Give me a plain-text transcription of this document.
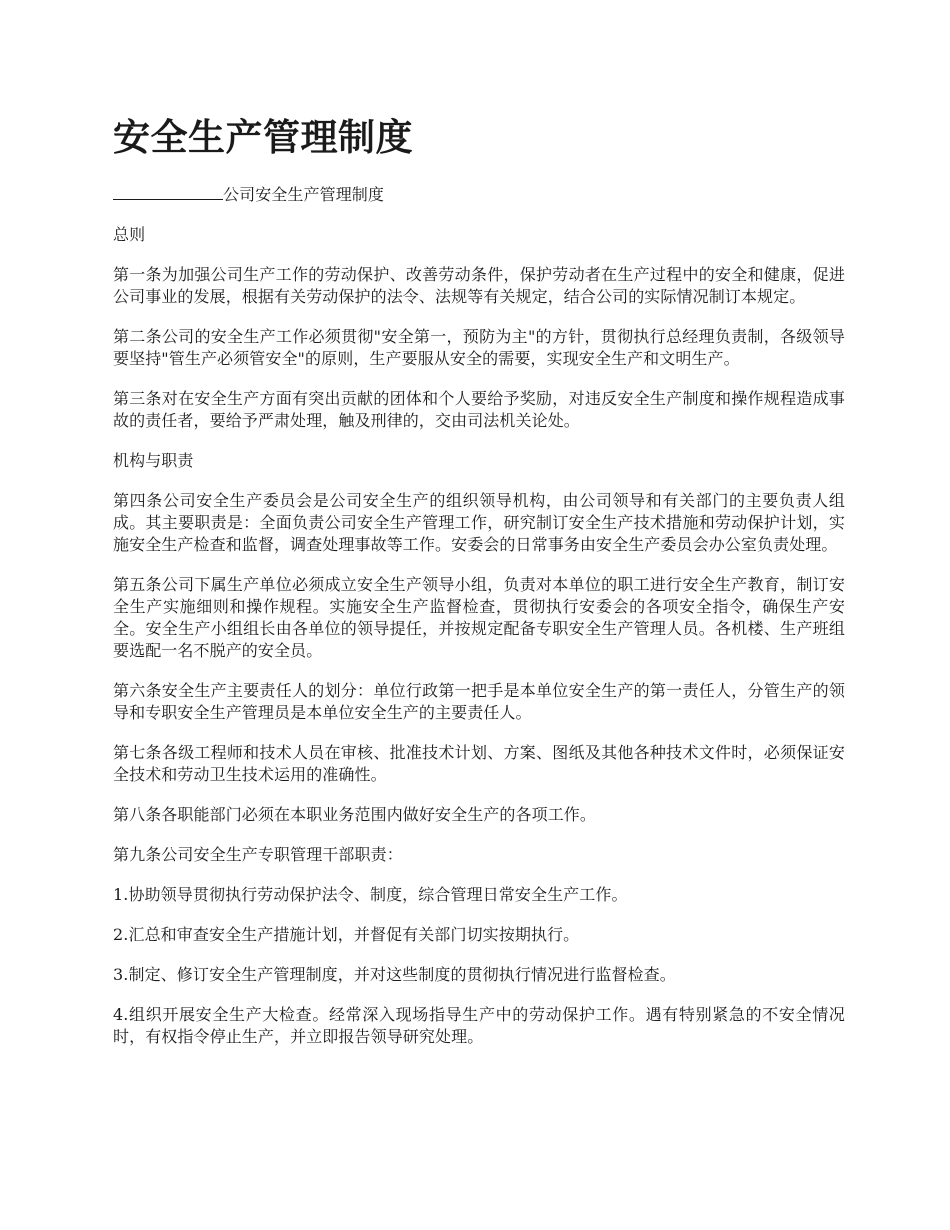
安全生产管理制度

公司安全生产管理制度

总则

第一条为加强公司生产工作的劳动保护、改善劳动条件，保护劳动者在生产过程中的安全和健康，促进公司事业的发展，根据有关劳动保护的法令、法规等有关规定，结合公司的实际情况制订本规定。

第二条公司的安全生产工作必须贯彻"安全第一，预防为主"的方针，贯彻执行总经理负责制，各级领导要坚持"管生产必须管安全"的原则，生产要服从安全的需要，实现安全生产和文明生产。

第三条对在安全生产方面有突出贡献的团体和个人要给予奖励，对违反安全生产制度和操作规程造成事故的责任者，要给予严肃处理，触及刑律的，交由司法机关论处。

机构与职责

第四条公司安全生产委员会是公司安全生产的组织领导机构，由公司领导和有关部门的主要负责人组成。其主要职责是：全面负责公司安全生产管理工作，研究制订安全生产技术措施和劳动保护计划，实施安全生产检查和监督，调查处理事故等工作。安委会的日常事务由安全生产委员会办公室负责处理。

第五条公司下属生产单位必须成立安全生产领导小组，负责对本单位的职工进行安全生产教育，制订安全生产实施细则和操作规程。实施安全生产监督检查，贯彻执行安委会的各项安全指令，确保生产安全。安全生产小组组长由各单位的领导提任，并按规定配备专职安全生产管理人员。各机楼、生产班组要选配一名不脱产的安全员。

第六条安全生产主要责任人的划分：单位行政第一把手是本单位安全生产的第一责任人，分管生产的领导和专职安全生产管理员是本单位安全生产的主要责任人。

第七条各级工程师和技术人员在审核、批准技术计划、方案、图纸及其他各种技术文件时，必须保证安全技术和劳动卫生技术运用的准确性。

第八条各职能部门必须在本职业务范围内做好安全生产的各项工作。

第九条公司安全生产专职管理干部职责：

1.协助领导贯彻执行劳动保护法令、制度，综合管理日常安全生产工作。

2.汇总和审查安全生产措施计划，并督促有关部门切实按期执行。

3.制定、修订安全生产管理制度，并对这些制度的贯彻执行情况进行监督检查。

4.组织开展安全生产大检查。经常深入现场指导生产中的劳动保护工作。遇有特别紧急的不安全情况时，有权指令停止生产，并立即报告领导研究处理。
